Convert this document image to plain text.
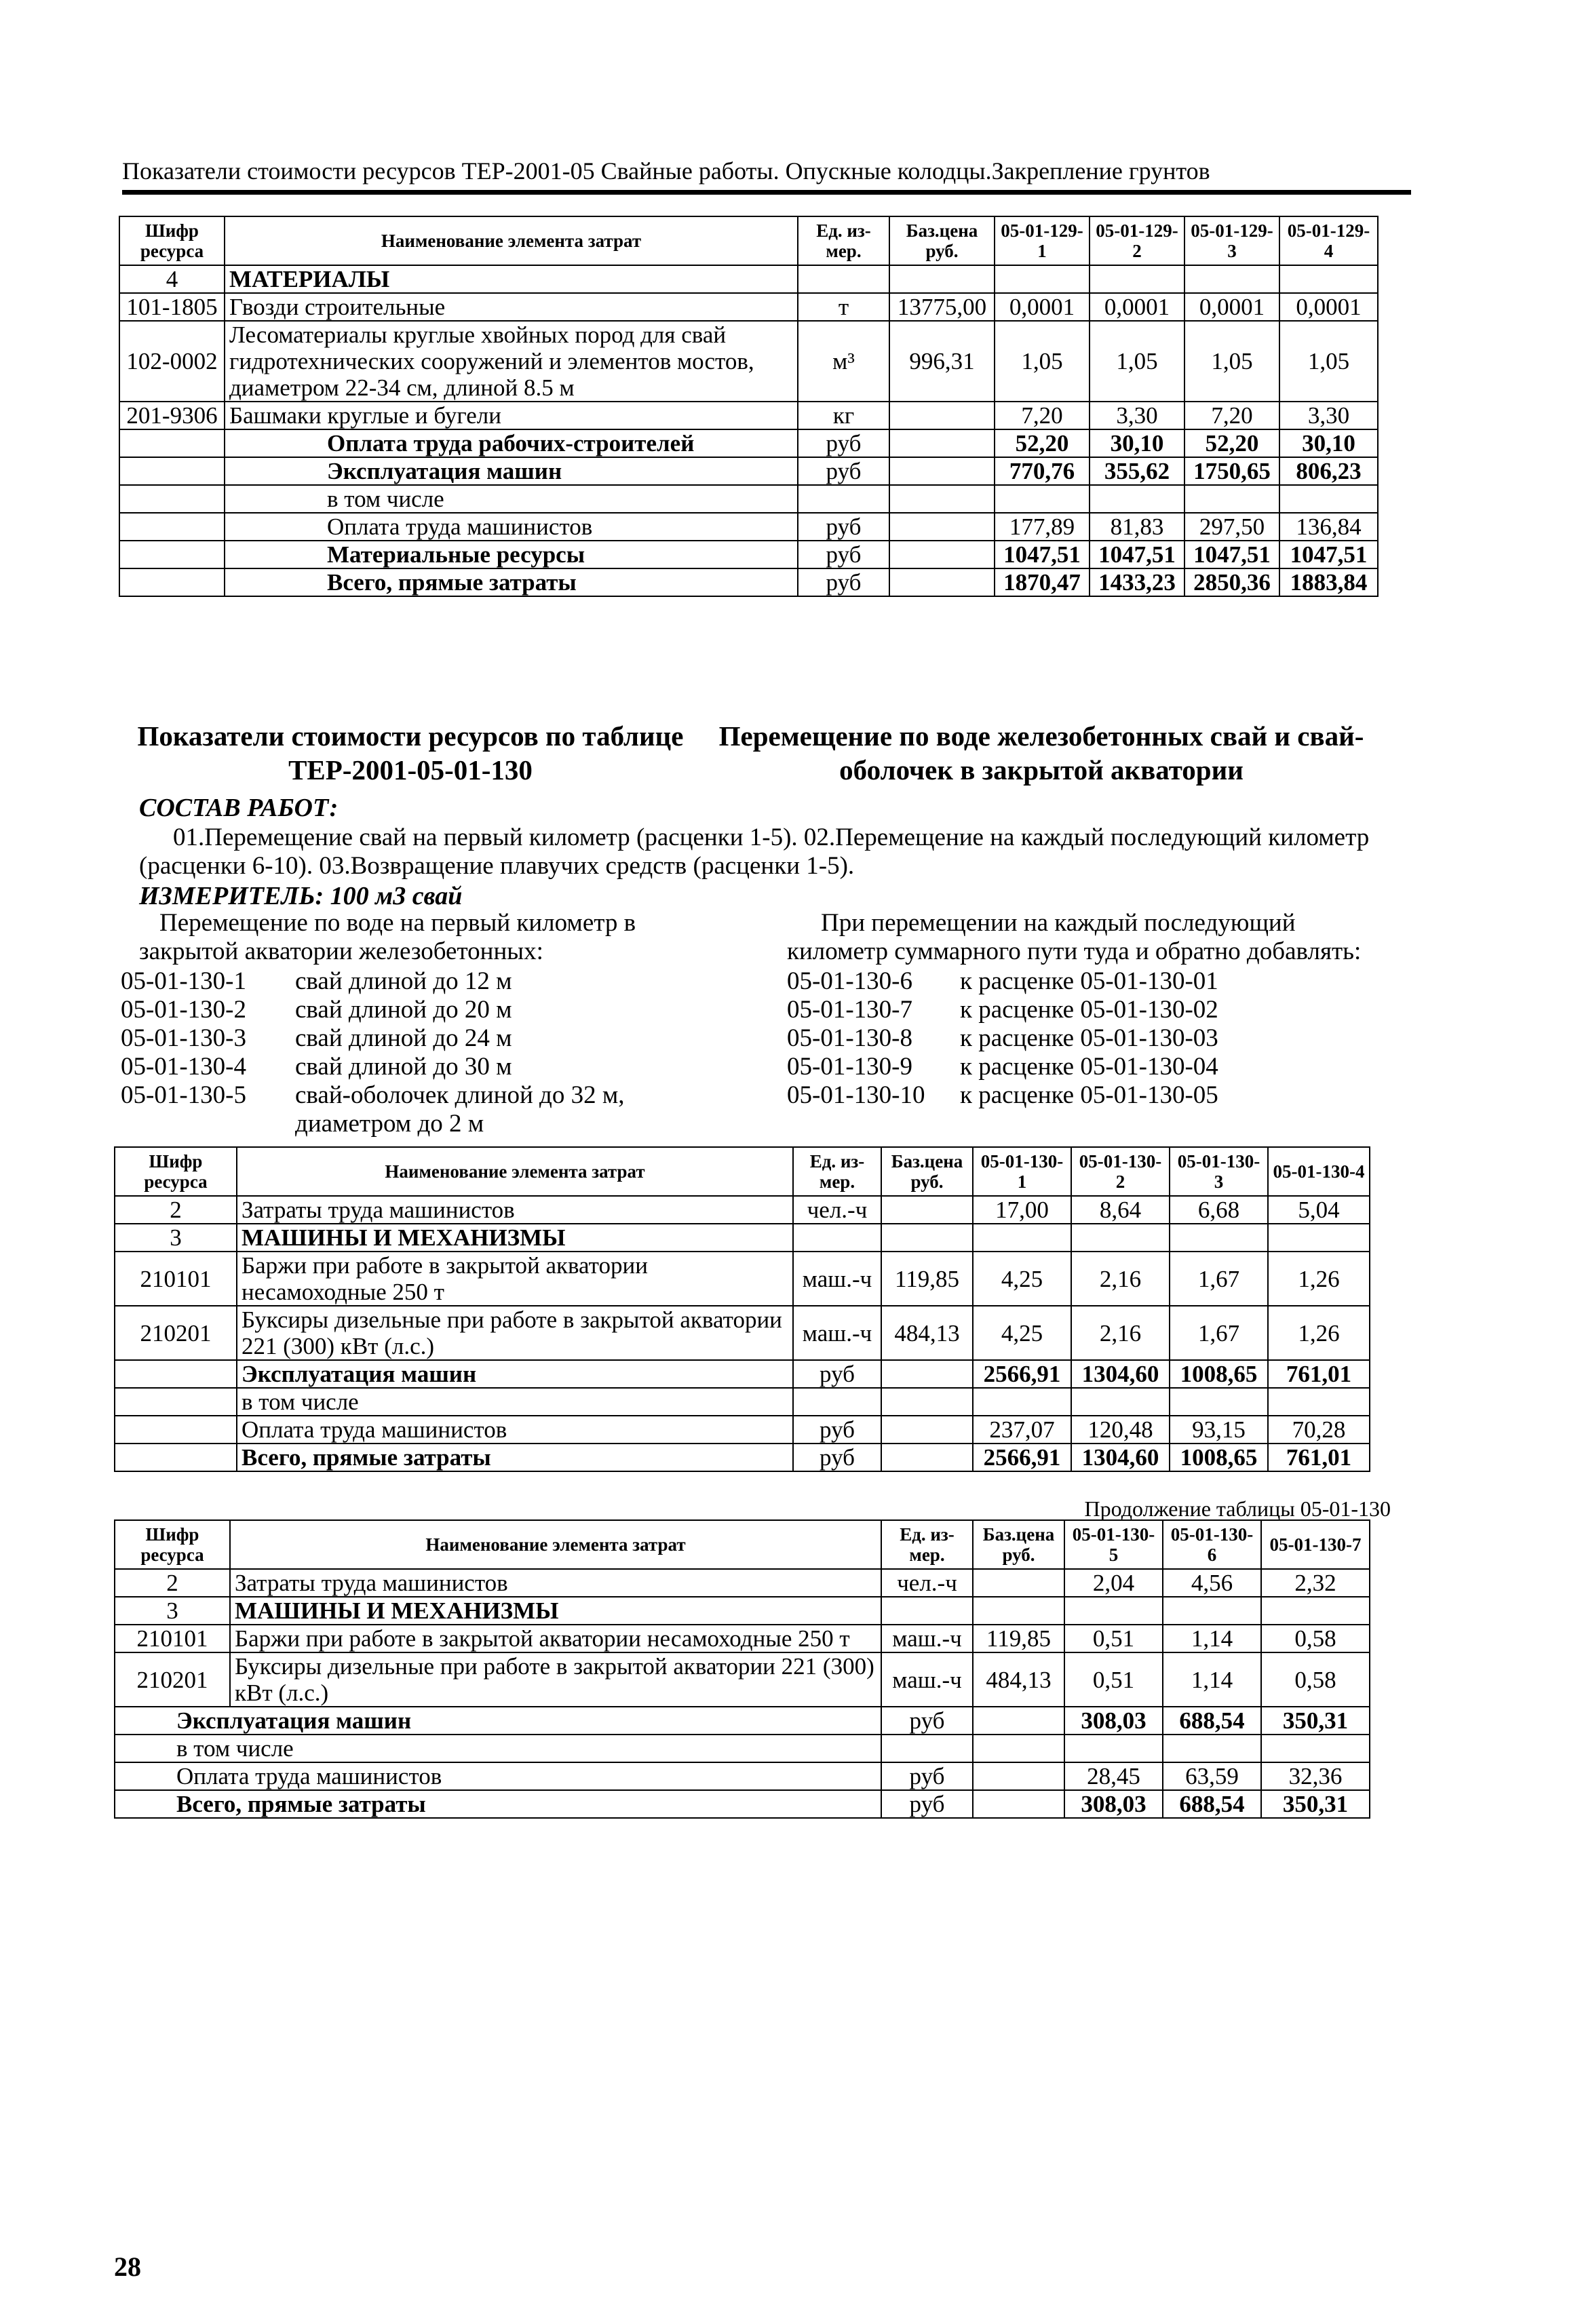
Показатели стоимости ресурсов ТЕР-2001-05 Свайные работы. Опускные колодцы.Закрепление грунтов
Шифр ресурса	Наименование элемента затрат	Ед. из-мер.	Баз.цена руб.	05-01-129-1	05-01-129-2	05-01-129-3	05-01-129-4
4	МАТЕРИАЛЫ						
101-1805	Гвозди строительные	т	13775,00	0,0001	0,0001	0,0001	0,0001
102-0002	Лесоматериалы круглые хвойных пород для свай гидротехнических сооружений и элементов мостов, диаметром 22-34 см, длиной 8.5 м	м³	996,31	1,05	1,05	1,05	1,05
201-9306	Башмаки круглые и бугели	кг		7,20	3,30	7,20	3,30
	Оплата труда рабочих-строителей	руб		52,20	30,10	52,20	30,10
	Эксплуатация машин	руб		770,76	355,62	1750,65	806,23
	в том числе						
	Оплата труда машинистов	руб		177,89	81,83	297,50	136,84
	Материальные ресурсы	руб		1047,51	1047,51	1047,51	1047,51
	Всего, прямые затраты	руб		1870,47	1433,23	2850,36	1883,84
Показатели стоимости ресурсов по таблице ТЕР-2001-05-01-130
Перемещение по воде железобетонных свай и свай-оболочек в закрытой акватории
СОСТАВ РАБОТ:
01.Перемещение свай на первый километр (расценки 1-5). 02.Перемещение на каждый последующий километр (расценки 6-10). 03.Возвращение плавучих средств (расценки 1-5).
ИЗМЕРИТЕЛЬ: 100 м3 свай
Перемещение по воде на первый километр в закрытой акватории железобетонных:
При перемещении на каждый последующий километр суммарного пути туда и обратно добавлять:
05-01-130-1 свай длиной до 12 м
05-01-130-2 свай длиной до 20 м
05-01-130-3 свай длиной до 24 м
05-01-130-4 свай длиной до 30 м
05-01-130-5 свай-оболочек длиной до 32 м, диаметром до 2 м
05-01-130-6 к расценке 05-01-130-01
05-01-130-7 к расценке 05-01-130-02
05-01-130-8 к расценке 05-01-130-03
05-01-130-9 к расценке 05-01-130-04
05-01-130-10 к расценке 05-01-130-05
Шифр ресурса	Наименование элемента затрат	Ед. из-мер.	Баз.цена руб.	05-01-130-1	05-01-130-2	05-01-130-3	05-01-130-4
2	Затраты труда машинистов	чел.-ч		17,00	8,64	6,68	5,04
3	МАШИНЫ И МЕХАНИЗМЫ						
210101	Баржи при работе в закрытой акватории несамоходные 250 т	маш.-ч	119,85	4,25	2,16	1,67	1,26
210201	Буксиры дизельные при работе в закрытой акватории 221 (300) кВт (л.с.)	маш.-ч	484,13	4,25	2,16	1,67	1,26
	Эксплуатация машин	руб		2566,91	1304,60	1008,65	761,01
	в том числе						
	Оплата труда машинистов	руб		237,07	120,48	93,15	70,28
	Всего, прямые затраты	руб		2566,91	1304,60	1008,65	761,01
Продолжение таблицы 05-01-130
Шифр ресурса	Наименование элемента затрат	Ед. из-мер.	Баз.цена руб.	05-01-130-5	05-01-130-6	05-01-130-7
2	Затраты труда машинистов	чел.-ч		2,04	4,56	2,32
3	МАШИНЫ И МЕХАНИЗМЫ					
210101	Баржи при работе в закрытой акватории несамоходные 250 т	маш.-ч	119,85	0,51	1,14	0,58
210201	Буксиры дизельные при работе в закрытой акватории 221 (300) кВт (л.с.)	маш.-ч	484,13	0,51	1,14	0,58
Эксплуатация машин		руб		308,03	688,54	350,31
в том числе						
Оплата труда машинистов		руб		28,45	63,59	32,36
Всего, прямые затраты		руб		308,03	688,54	350,31
28
